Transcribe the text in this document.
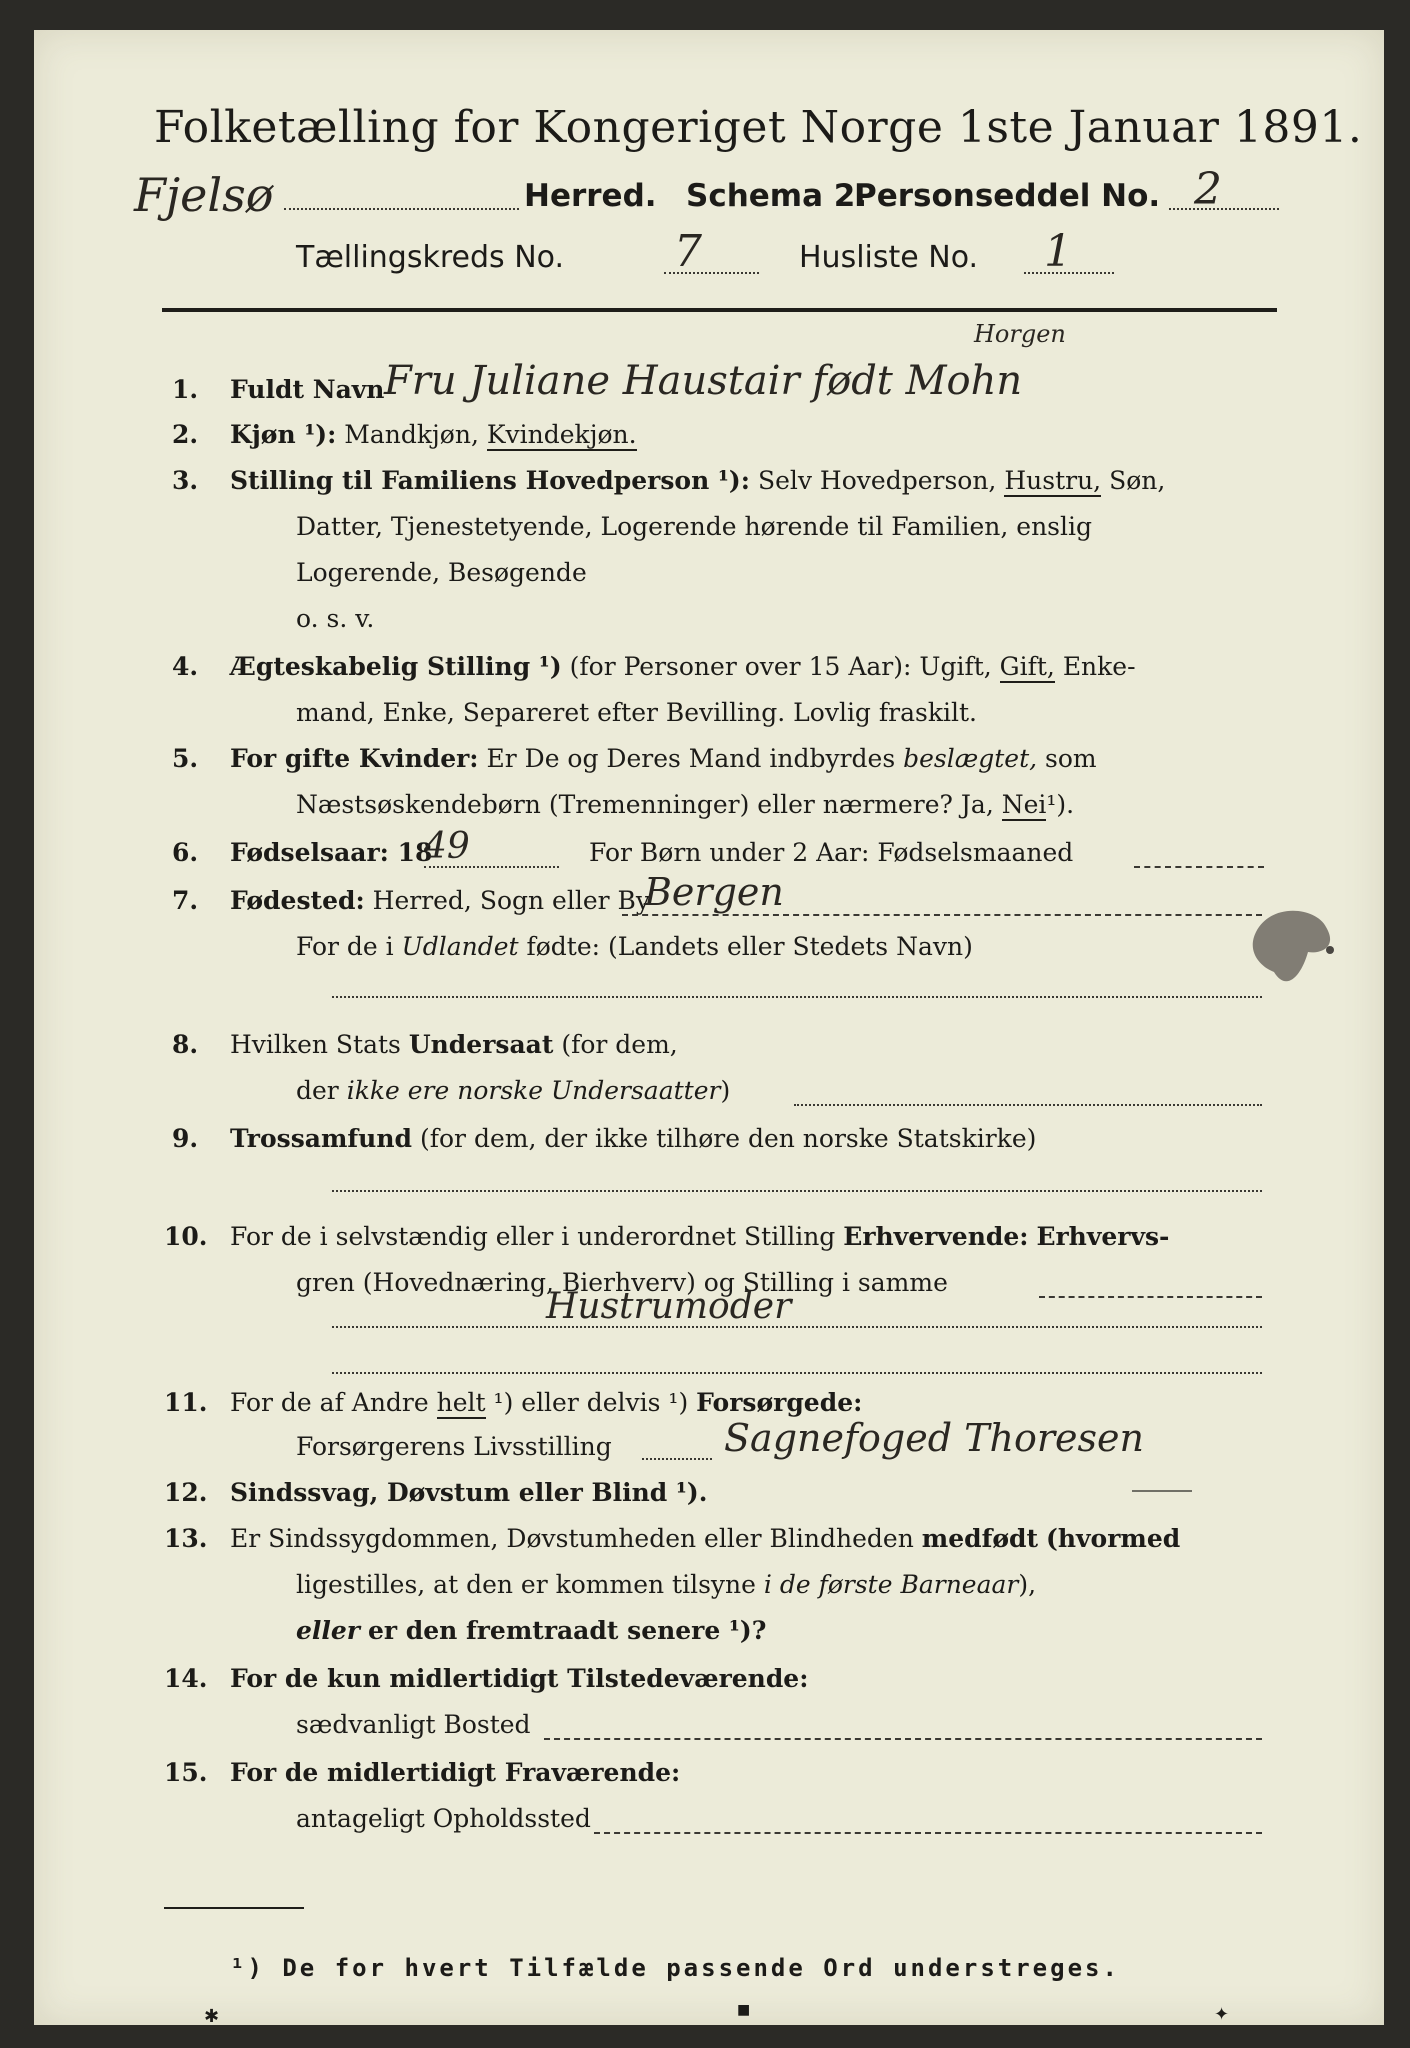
Folketælling for Kongeriget Norge 1ste Januar 1891.
Fjelsø	Herred. Schema 2.
Personseddel No. 2
Tællingskreds No.	7	Husliste No. 1
1. Fuldt Navn
Horgen
Fru Juliane Haustair født Mohn
2. Kjøn ¹): Mandkjøn, Kvindekjøn.
3. Stilling til Familiens Hovedperson ¹): Selv Hovedperson, Hustru, Søn,
Datter, Tjenestetyende, Logerende hørende til Familien, enslig
Logerende, Besøgende
o. s. v.
4. Ægteskabelig Stilling ¹) (for Personer over 15 Aar): Ugift, Gift, Enke-
mand, Enke, Separeret efter Bevilling. Lovlig fraskilt.
5. For gifte Kvinder: Er De og Deres Mand indbyrdes beslægtet, som
Næstsøskendebørn (Tremenninger) eller nærmere? Ja, Nei¹).
6. Fødselsaar: 18
49	For Børn under 2 Aar: Fødselsmaaned
7. Fødested: Herred, Sogn eller By
Bergen
For de i Udlandet fødte: (Landets eller Stedets Navn)
8. Hvilken Stats Undersaat (for dem,
der ikke ere norske Undersaatter)
9. Trossamfund (for dem, der ikke tilhøre den norske Statskirke)
10. For de i selvstændig eller i underordnet Stilling Erhvervende: Erhvervs-
gren (Hovednæring, Bierhverv) og Stilling i samme
Hustrumoder
11. For de af Andre helt ¹) eller delvis ¹) Forsørgede:
Forsørgerens Livsstilling	Sagnefoged Thoresen
12. Sindssvag, Døvstum eller Blind ¹).
13. Er Sindssygdommen, Døvstumheden eller Blindheden medfødt (hvormed
ligestilles, at den er kommen tilsyne i de første Barneaar),
eller er den fremtraadt senere ¹)?
14. For de kun midlertidigt Tilstedeværende:
sædvanligt Bosted
15. For de midlertidigt Fraværende:
antageligt Opholdssted
¹) De for hvert Tilfælde passende Ord understreges.
✱	■	✦
